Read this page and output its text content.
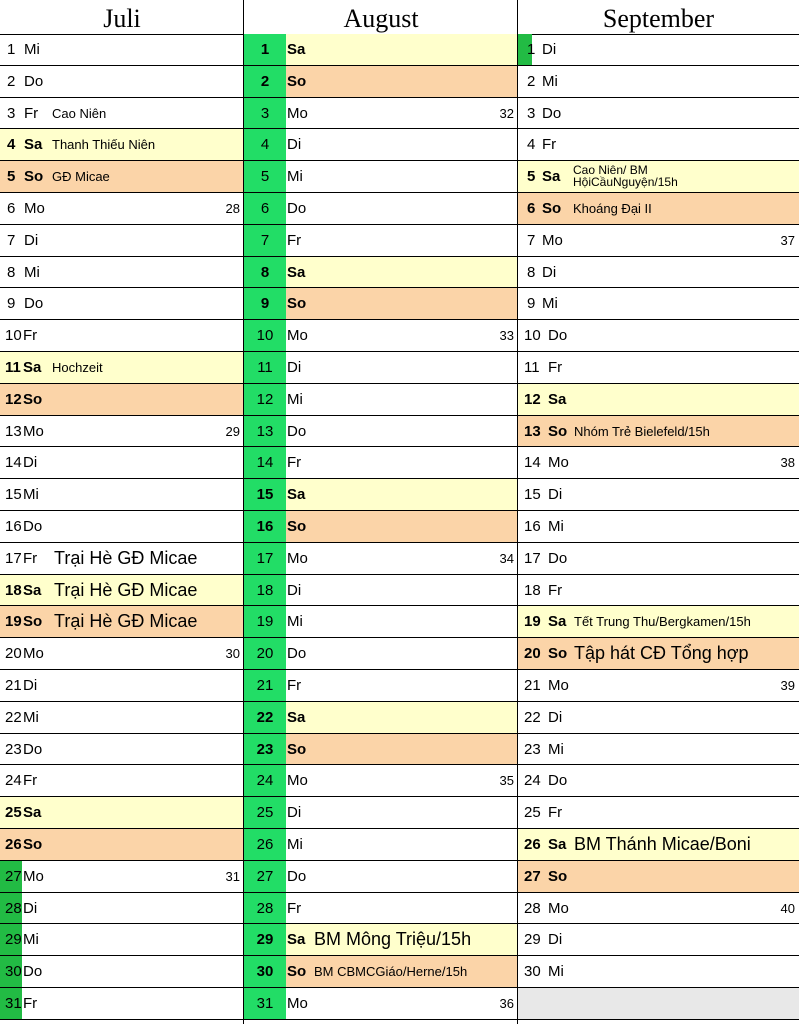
Juli
1 Mi
2 Do
3 Fr Cao Niên
4 Sa Thanh Thiếu Niên
5 So GĐ Micae
6 Mo	28
7 Di
8 Mi
9 Do
10 Fr
11 Sa Hochzeit
12 So
13 Mo	29
14 Di
15 Mi
16 Do
17 Fr Trại Hè GĐ Micae
18 Sa Trại Hè GĐ Micae
19 So Trại Hè GĐ Micae
20 Mo	30
21 Di
22 Mi
23 Do
24 Fr
25 Sa
26 So
27 Mo	31
28 Di
29 Mi
30 Do
31 Fr
August
1	Sa
2	So
3	Mo	32
4	Di
5	Mi
6	Do
7	Fr
8	Sa
9	So
10 Mo	33
11 Di
12 Mi
13 Do
14 Fr
15 Sa
16 So
17 Mo	34
18 Di
19 Mi
20 Do
21 Fr
22 Sa
23 So
24 Mo	35
25 Di
26 Mi
27 Do
28 Fr
29 Sa BM Mông Triệu/15h
30 So BM CBMCGiáo/Herne/15h
31 Mo	36
September
1 Di
2 Mi
3 Do
4 Fr
5 Sa Cao Niên/ BM HộiCầuNguyện/15h
6 So Khoáng Đại II
7 Mo	37
8 Di
9 Mi
10 Do
11 Fr
12 Sa
13 So Nhóm Trẻ Bielefeld/15h
14 Mo	38
15 Di
16 Mi
17 Do
18 Fr
19 Sa Tết Trung Thu/Bergkamen/15h
20 So Tập hát CĐ Tổng hợp
21 Mo	39
22 Di
23 Mi
24 Do
25 Fr
26 Sa BM Thánh Micae/Boni
27 So
28 Mo	40
29 Di
30 Mi
